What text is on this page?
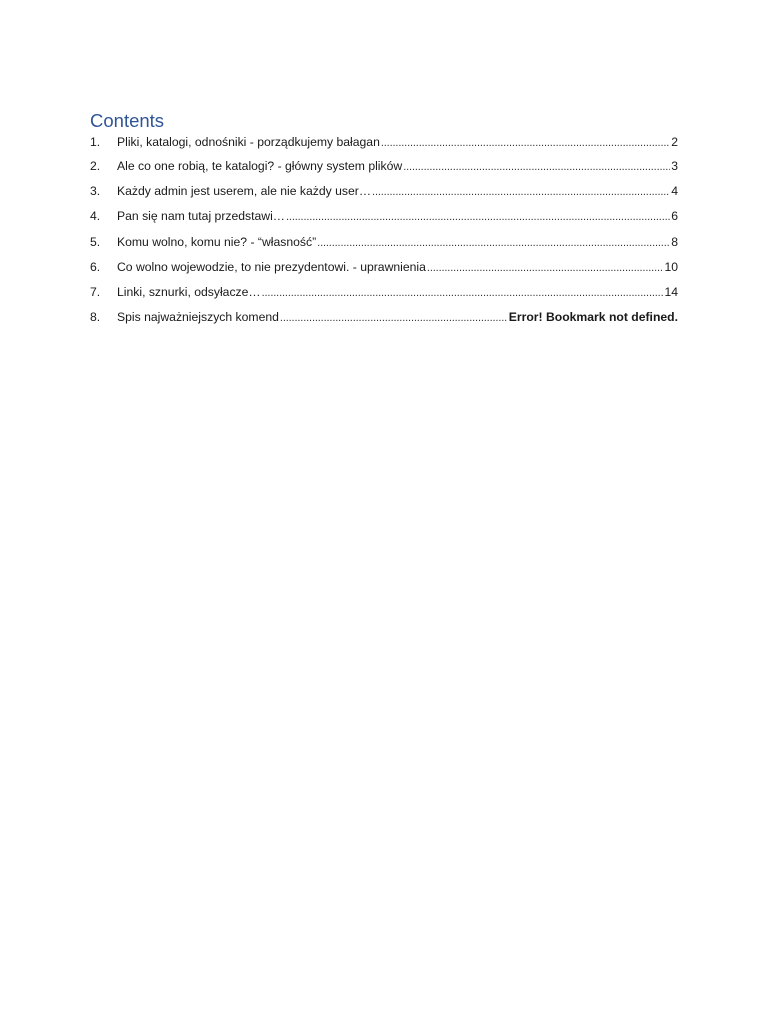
Contents
1.	Pliki, katalogi, odnośniki - porządkujemy bałagan . . .	2
2.	Ale co one robią, te katalogi? - główny system plików . . .	3
3.	Każdy admin jest userem, ale nie każdy user… . . .	4
4.	Pan się nam tutaj przedstawi… . . .	6
5.	Komu wolno, komu nie? - “własność” . . .	8
6.	Co wolno wojewodzie, to nie prezydentowi. - uprawnienia . . .	10
7.	Linki, sznurki, odsyłacze… . . .	14
8.	Spis najważniejszych komend . . .	Error! Bookmark not defined.
